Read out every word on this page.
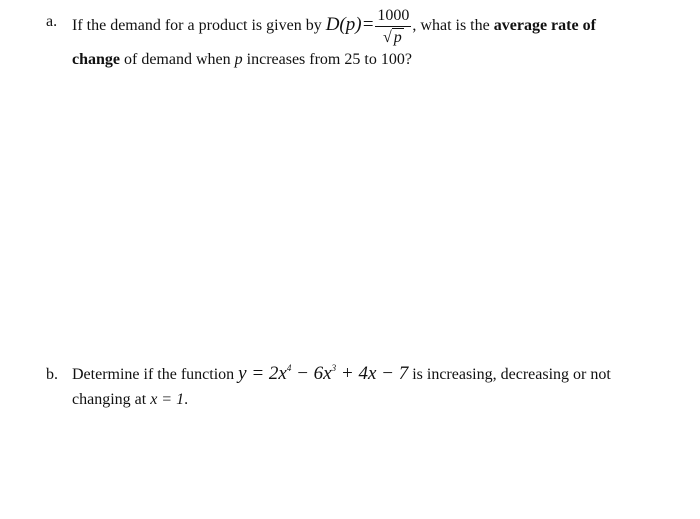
a. If the demand for a product is given by $D(p)= \frac{1000}{√ p}$ , what is the average rate of
change of demand when p increases from 25 to 100?
b. Determine if the function $y = 2x^4 - 6x^3 + 4x - 7$ is increasing, decreasing or not
changing at x = 1.
